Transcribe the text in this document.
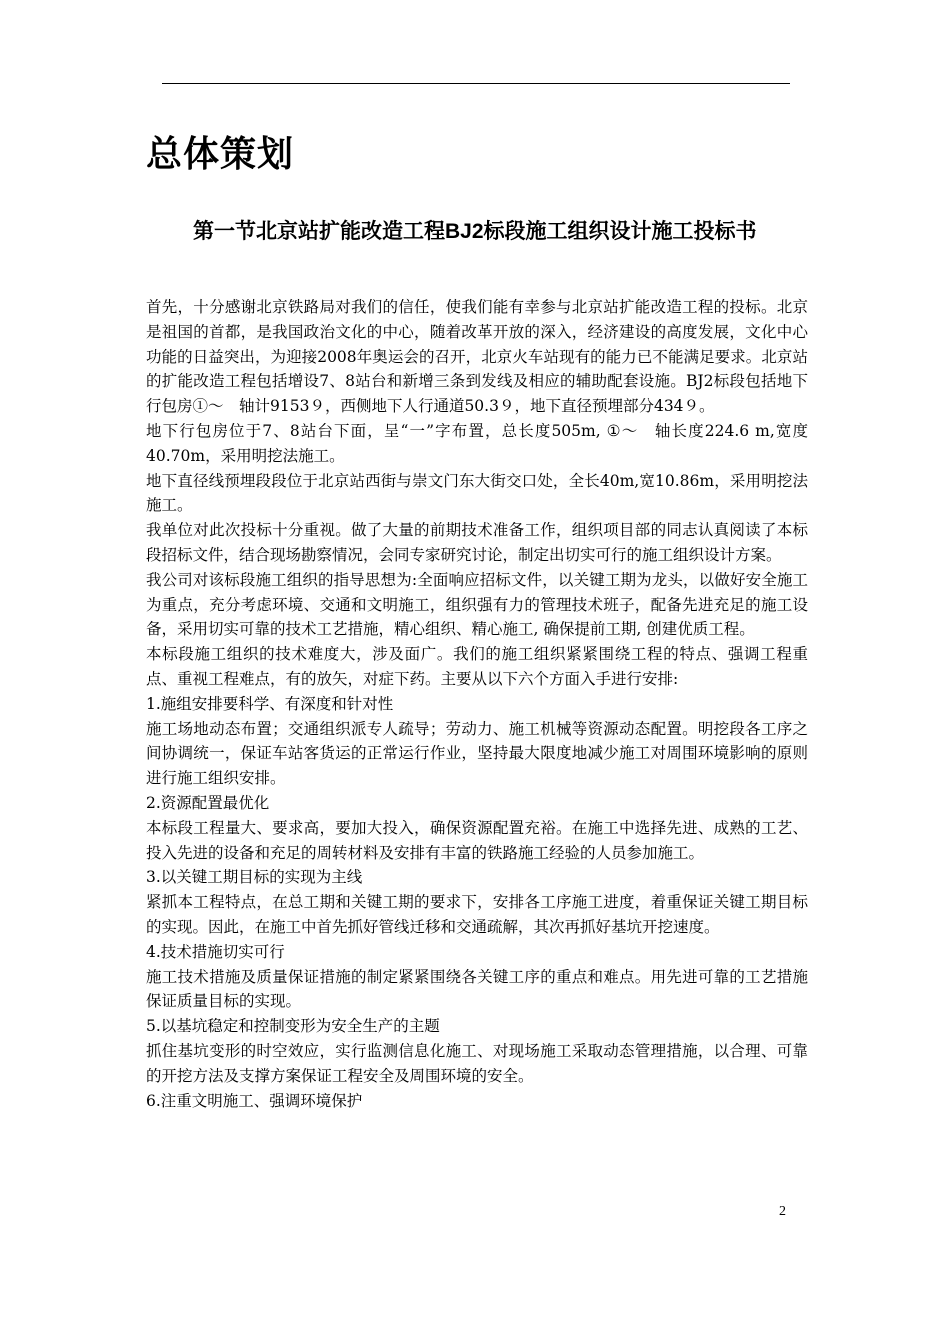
总体策划
第一节北京站扩能改造工程BJ2标段施工组织设计施工投标书

首先，十分感谢北京铁路局对我们的信任，使我们能有幸参与北京站扩能改造工程的投标。北京是祖国的首都，是我国政治文化的中心，随着改革开放的深入，经济建设的高度发展，文化中心功能的日益突出，为迎接2008年奥运会的召开，北京火车站现有的能力已不能满足要求。北京站的扩能改造工程包括增设7、8站台和新增三条到发线及相应的辅助配套设施。BJ2标段包括地下行包房①～　轴计9153９，西侧地下人行通道50.3９，地下直径预埋部分434９。

地下行包房位于7、8站台下面，呈“一”字布置，总长度505m, ①～　轴长度224.6 m,宽度40.70m，采用明挖法施工。

地下直径线预埋段段位于北京站西街与崇文门东大街交口处，全长40m,宽10.86m，采用明挖法施工。

我单位对此次投标十分重视。做了大量的前期技术准备工作，组织项目部的同志认真阅读了本标段招标文件，结合现场勘察情况，会同专家研究讨论，制定出切实可行的施工组织设计方案。

我公司对该标段施工组织的指导思想为:全面响应招标文件，以关键工期为龙头，以做好安全施工为重点，充分考虑环境、交通和文明施工，组织强有力的管理技术班子，配备先进充足的施工设备，采用切实可靠的技术工艺措施，精心组织、精心施工, 确保提前工期, 创建优质工程。

本标段施工组织的技术难度大，涉及面广。我们的施工组织紧紧围绕工程的特点、强调工程重点、重视工程难点，有的放矢，对症下药。主要从以下六个方面入手进行安排:

1.施组安排要科学、有深度和针对性

施工场地动态布置；交通组织派专人疏导；劳动力、施工机械等资源动态配置。明挖段各工序之间协调统一，保证车站客货运的正常运行作业，坚持最大限度地减少施工对周围环境影响的原则进行施工组织安排。

2.资源配置最优化

本标段工程量大、要求高，要加大投入，确保资源配置充裕。在施工中选择先进、成熟的工艺、投入先进的设备和充足的周转材料及安排有丰富的铁路施工经验的人员参加施工。

3.以关键工期目标的实现为主线

紧抓本工程特点，在总工期和关键工期的要求下，安排各工序施工进度，着重保证关键工期目标的实现。因此，在施工中首先抓好管线迁移和交通疏解，其次再抓好基坑开挖速度。

4.技术措施切实可行

施工技术措施及质量保证措施的制定紧紧围绕各关键工序的重点和难点。用先进可靠的工艺措施保证质量目标的实现。

5.以基坑稳定和控制变形为安全生产的主题

抓住基坑变形的时空效应，实行监测信息化施工、对现场施工采取动态管理措施，以合理、可靠的开挖方法及支撑方案保证工程安全及周围环境的安全。

6.注重文明施工、强调环境保护

2
